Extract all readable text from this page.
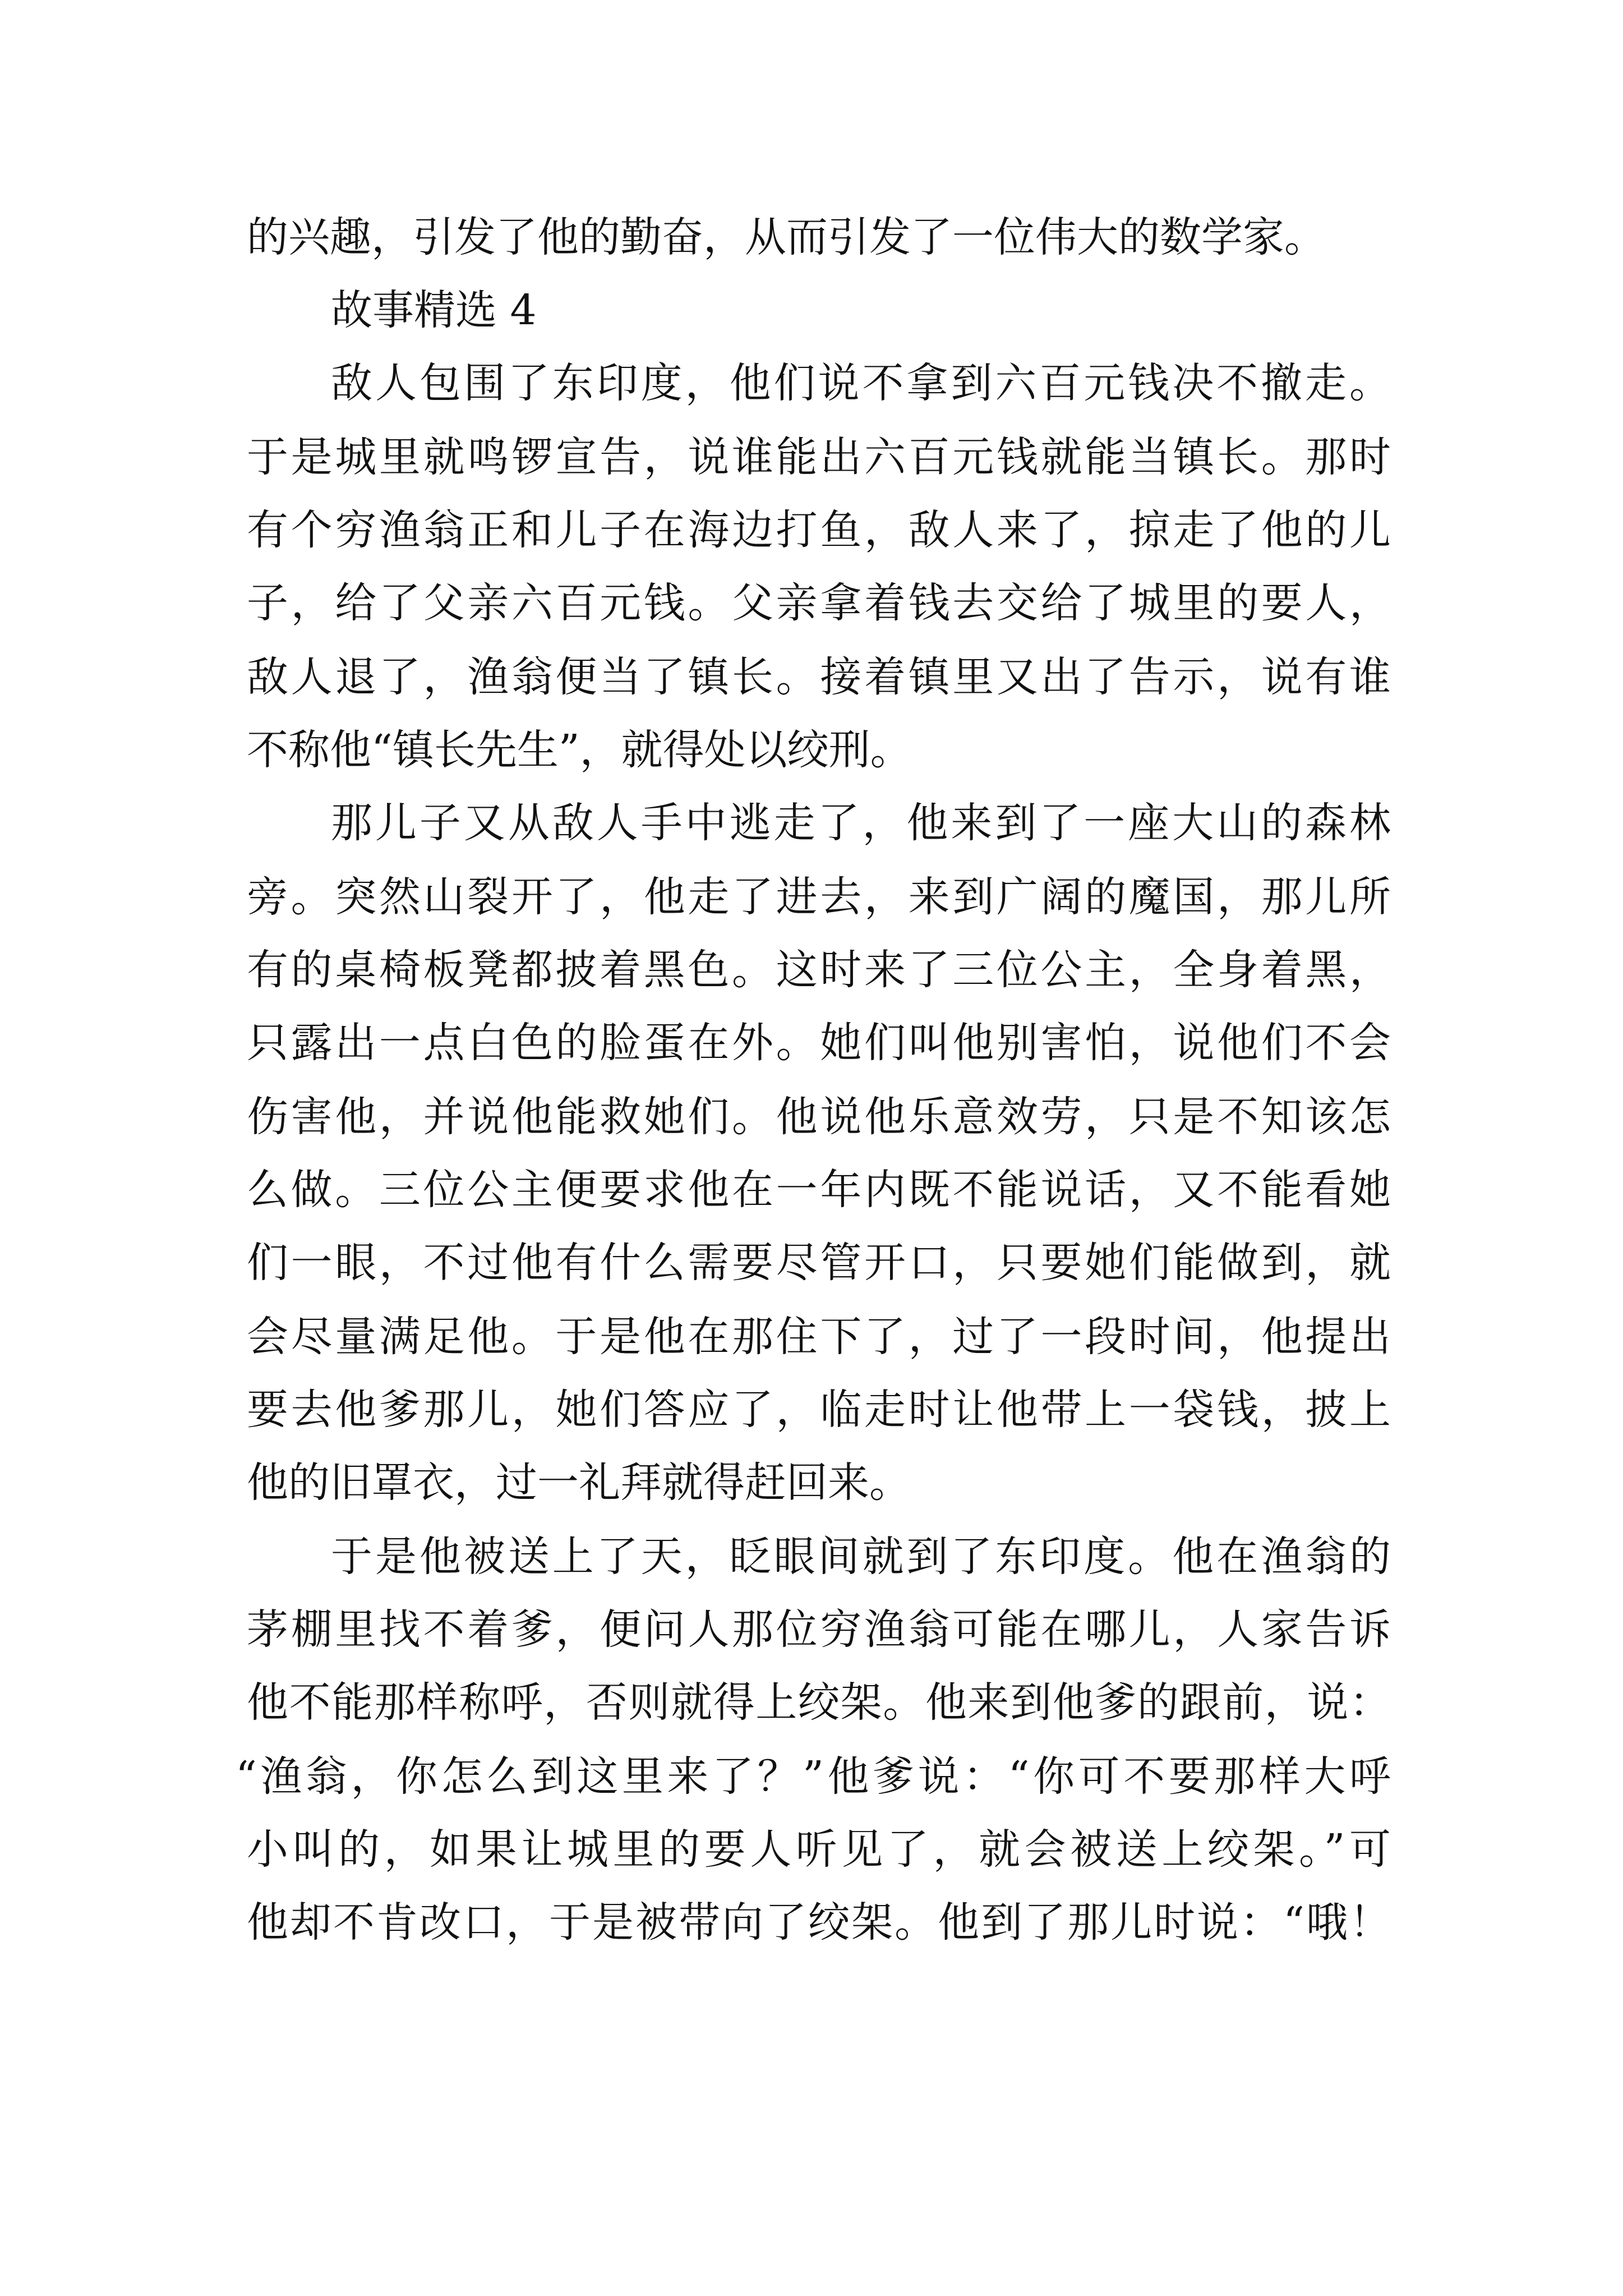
的兴趣，引发了他的勤奋，从而引发了一位伟大的数学家。
故事精选 4
敌人包围了东印度，他们说不拿到六百元钱决不撤走。
于是城里就鸣锣宣告，说谁能出六百元钱就能当镇长。那时
有个穷渔翁正和儿子在海边打鱼，敌人来了，掠走了他的儿
子，给了父亲六百元钱。父亲拿着钱去交给了城里的要人，
敌人退了，渔翁便当了镇长。接着镇里又出了告示，说有谁
不称他“镇长先生”，就得处以绞刑。
那儿子又从敌人手中逃走了，他来到了一座大山的森林
旁。突然山裂开了，他走了进去，来到广阔的魔国，那儿所
有的桌椅板凳都披着黑色。这时来了三位公主，全身着黑，
只露出一点白色的脸蛋在外。她们叫他别害怕，说他们不会
伤害他，并说他能救她们。他说他乐意效劳，只是不知该怎
么做。三位公主便要求他在一年内既不能说话，又不能看她
们一眼，不过他有什么需要尽管开口，只要她们能做到，就
会尽量满足他。于是他在那住下了，过了一段时间，他提出
要去他爹那儿，她们答应了，临走时让他带上一袋钱，披上
他的旧罩衣，过一礼拜就得赶回来。
于是他被送上了天，眨眼间就到了东印度。他在渔翁的
茅棚里找不着爹，便问人那位穷渔翁可能在哪儿，人家告诉
他不能那样称呼，否则就得上绞架。他来到他爹的跟前，说：
“渔翁，你怎么到这里来了？”他爹说：“你可不要那样大呼
小叫的，如果让城里的要人听见了，就会被送上绞架。”可
他却不肯改口，于是被带向了绞架。他到了那儿时说：“哦！
